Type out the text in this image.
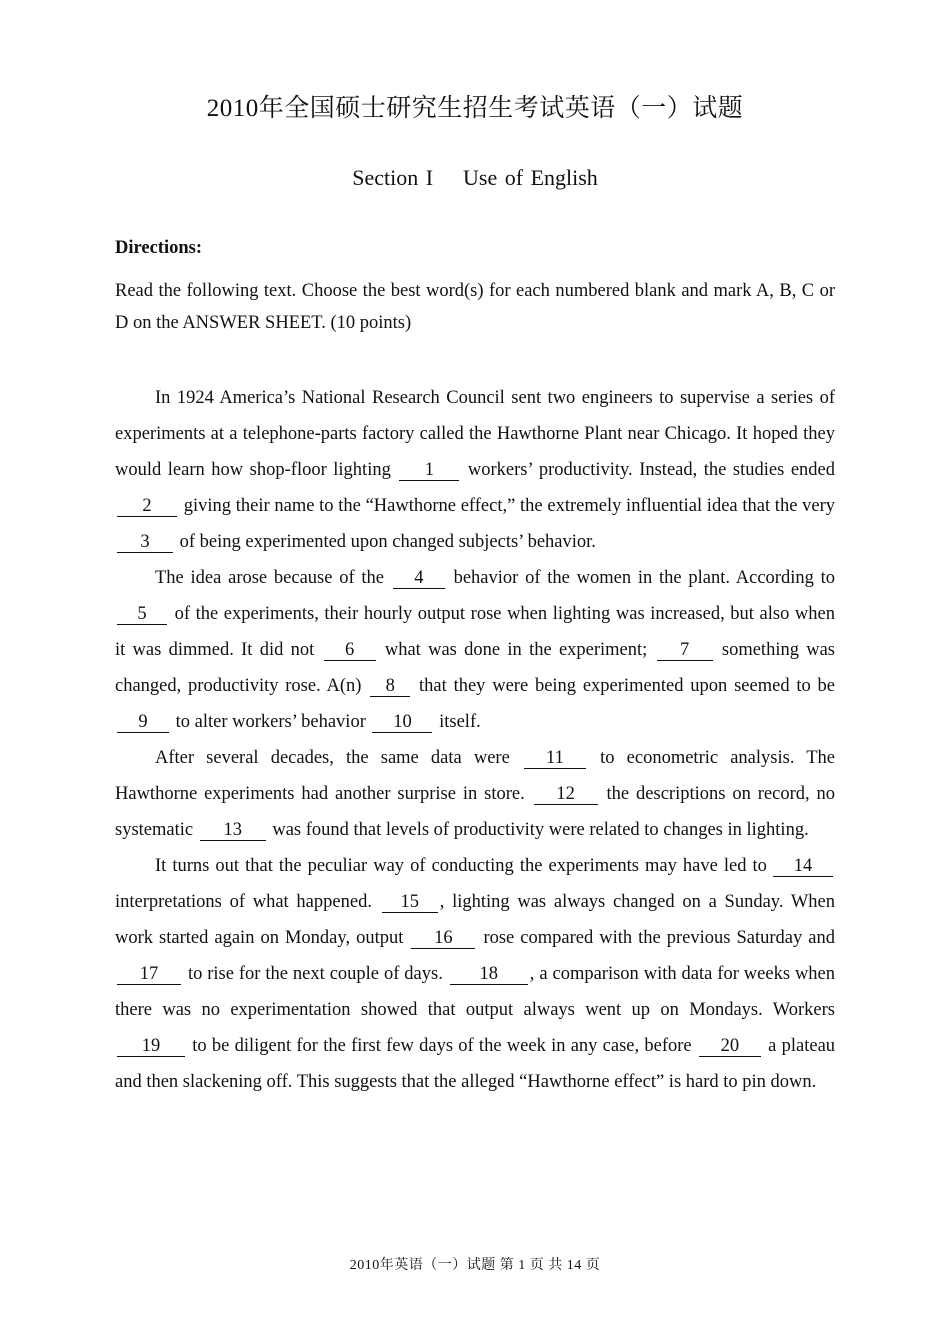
2010年全国硕士研究生招生考试英语（一）试题
Section I Use of English
Directions:
Read the following text. Choose the best word(s) for each numbered blank and mark A, B, C or D on the ANSWER SHEET. (10 points)

In 1924 America’s National Research Council sent two engineers to supervise a series of experiments at a telephone-parts factory called the Hawthorne Plant near Chicago. It hoped they would learn how shop-floor lighting 1 workers’ productivity. Instead, the studies ended 2 giving their name to the “Hawthorne effect,” the extremely influential idea that the very 3 of being experimented upon changed subjects’ behavior.

The idea arose because of the 4 behavior of the women in the plant. According to 5 of the experiments, their hourly output rose when lighting was increased, but also when it was dimmed. It did not 6 what was done in the experiment; 7 something was changed, productivity rose. A(n) 8 that they were being experimented upon seemed to be 9 to alter workers’ behavior 10 itself.

After several decades, the same data were 11 to econometric analysis. The Hawthorne experiments had another surprise in store. 12 the descriptions on record, no systematic 13 was found that levels of productivity were related to changes in lighting.

It turns out that the peculiar way of conducting the experiments may have led to 14 interpretations of what happened. 15 , lighting was always changed on a Sunday. When work started again on Monday, output 16 rose compared with the previous Saturday and 17 to rise for the next couple of days. 18 , a comparison with data for weeks when there was no experimentation showed that output always went up on Mondays. Workers 19 to be diligent for the first few days of the week in any case, before 20 a plateau and then slackening off. This suggests that the alleged “Hawthorne effect” is hard to pin down.

2010年英语（一）试题 第 1 页 共 14 页
